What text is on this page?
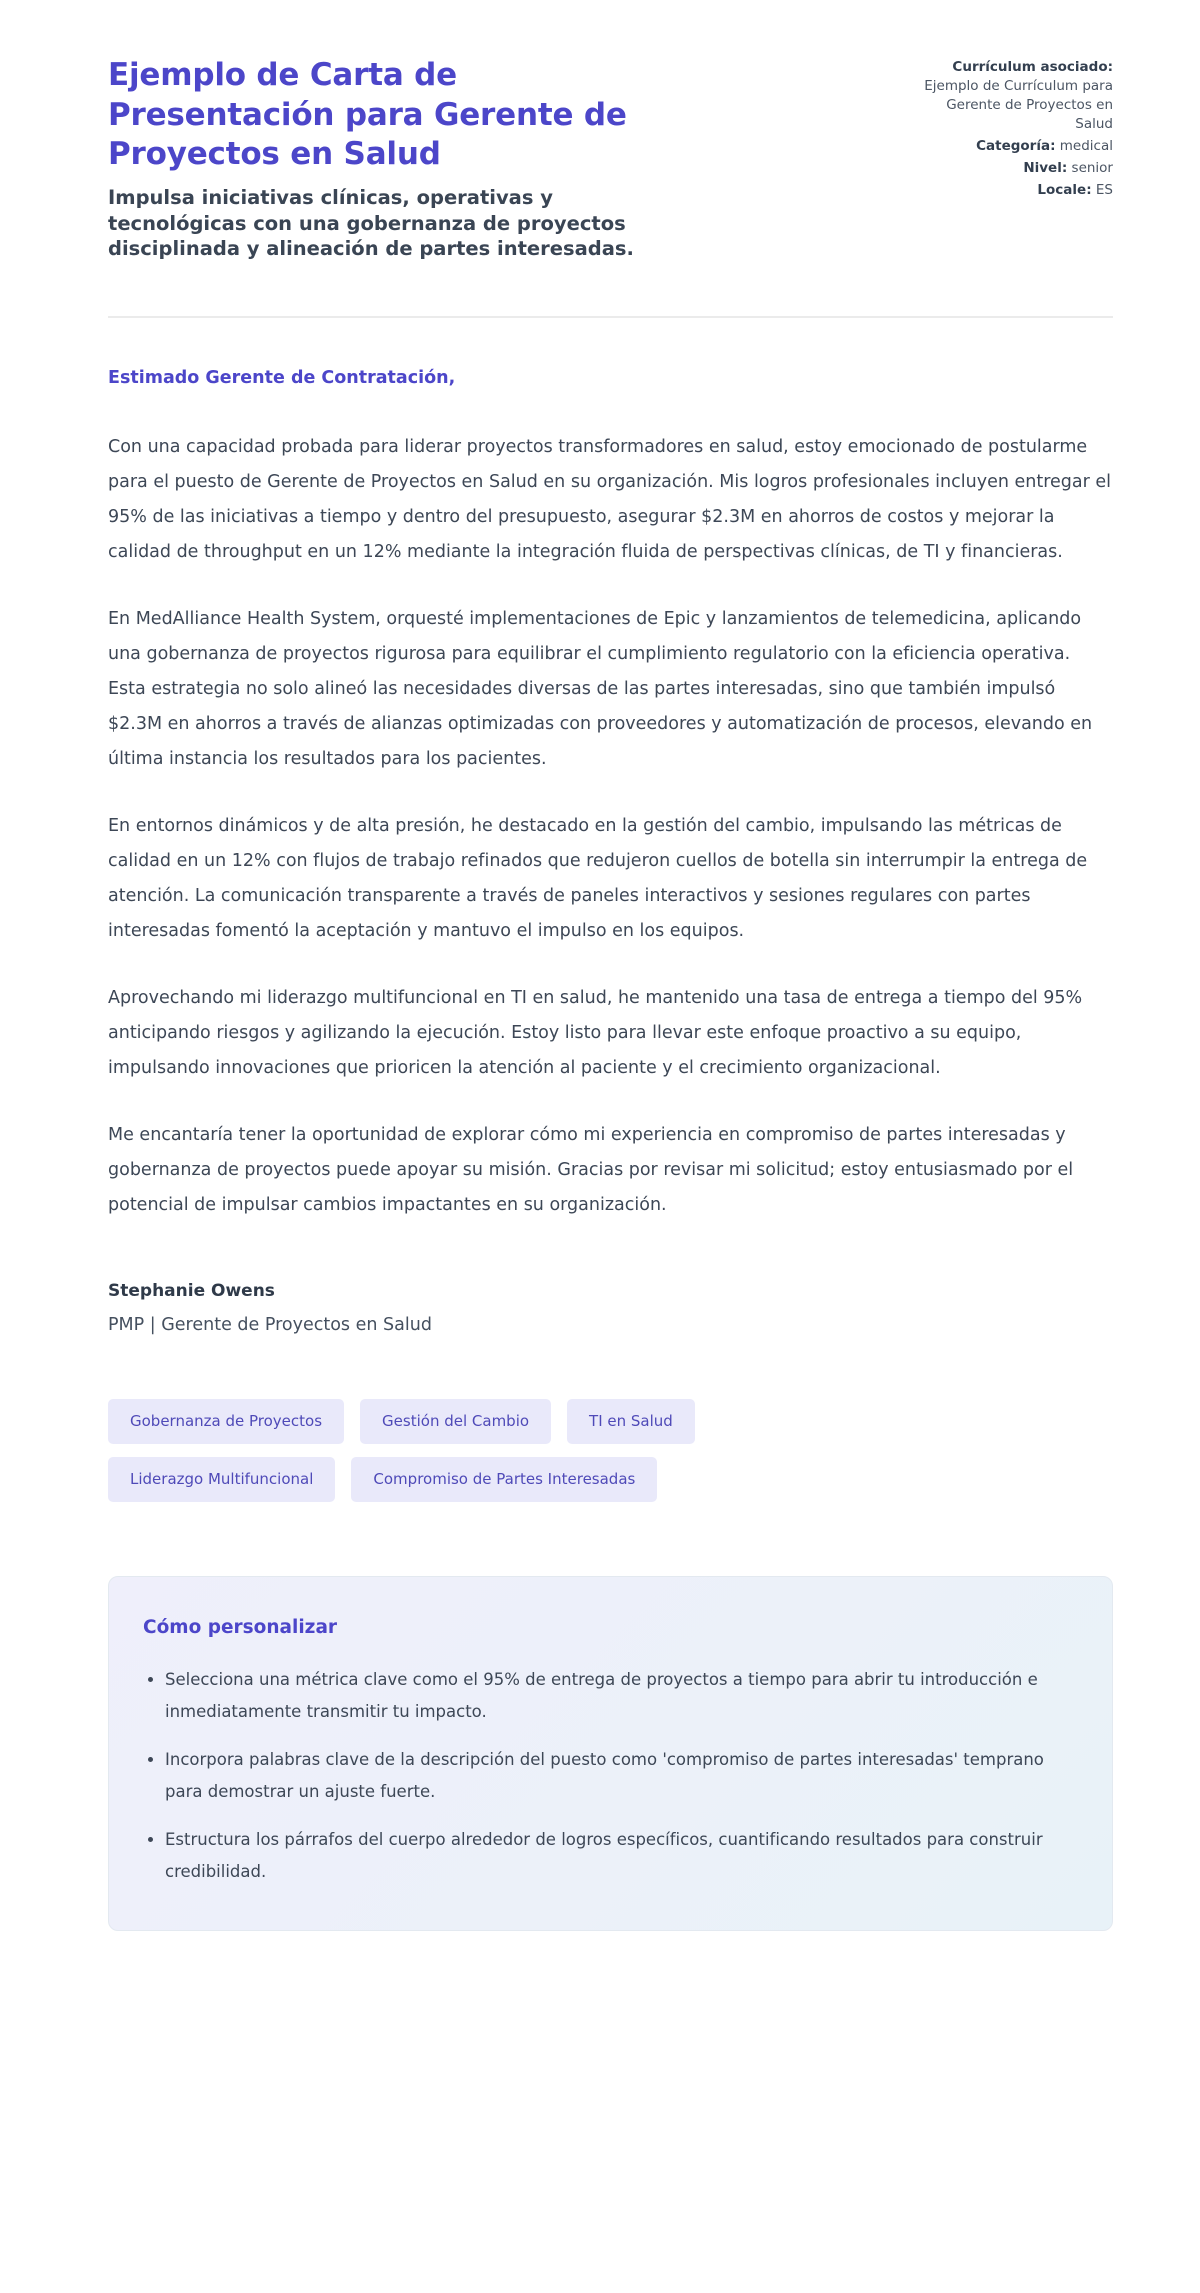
Ejemplo de Carta de Presentación para Gerente de Proyectos en Salud

Impulsa iniciativas clínicas, operativas y tecnológicas con una gobernanza de proyectos disciplinada y alineación de partes interesadas.

Currículum asociado:
Ejemplo de Currículum para Gerente de Proyectos en Salud
Categoría: medical
Nivel: senior
Locale: ES

Estimado Gerente de Contratación,

Con una capacidad probada para liderar proyectos transformadores en salud, estoy emocionado de postularme para el puesto de Gerente de Proyectos en Salud en su organización. Mis logros profesionales incluyen entregar el 95% de las iniciativas a tiempo y dentro del presupuesto, asegurar $2.3M en ahorros de costos y mejorar la calidad de throughput en un 12% mediante la integración fluida de perspectivas clínicas, de TI y financieras.

En MedAlliance Health System, orquesté implementaciones de Epic y lanzamientos de telemedicina, aplicando una gobernanza de proyectos rigurosa para equilibrar el cumplimiento regulatorio con la eficiencia operativa. Esta estrategia no solo alineó las necesidades diversas de las partes interesadas, sino que también impulsó $2.3M en ahorros a través de alianzas optimizadas con proveedores y automatización de procesos, elevando en última instancia los resultados para los pacientes.

En entornos dinámicos y de alta presión, he destacado en la gestión del cambio, impulsando las métricas de calidad en un 12% con flujos de trabajo refinados que redujeron cuellos de botella sin interrumpir la entrega de atención. La comunicación transparente a través de paneles interactivos y sesiones regulares con partes interesadas fomentó la aceptación y mantuvo el impulso en los equipos.

Aprovechando mi liderazgo multifuncional en TI en salud, he mantenido una tasa de entrega a tiempo del 95% anticipando riesgos y agilizando la ejecución. Estoy listo para llevar este enfoque proactivo a su equipo, impulsando innovaciones que prioricen la atención al paciente y el crecimiento organizacional.

Me encantaría tener la oportunidad de explorar cómo mi experiencia en compromiso de partes interesadas y gobernanza de proyectos puede apoyar su misión. Gracias por revisar mi solicitud; estoy entusiasmado por el potencial de impulsar cambios impactantes en su organización.

Stephanie Owens

PMP | Gerente de Proyectos en Salud

Gobernanza de Proyectos	Gestión del Cambio	TI en Salud
Liderazgo Multifuncional	Compromiso de Partes Interesadas
Cómo personalizar
• Selecciona una métrica clave como el 95% de entrega de proyectos a tiempo para abrir tu introducción e inmediatamente transmitir tu impacto.
• Incorpora palabras clave de la descripción del puesto como 'compromiso de partes interesadas' temprano para demostrar un ajuste fuerte.
• Estructura los párrafos del cuerpo alrededor de logros específicos, cuantificando resultados para construir credibilidad.
